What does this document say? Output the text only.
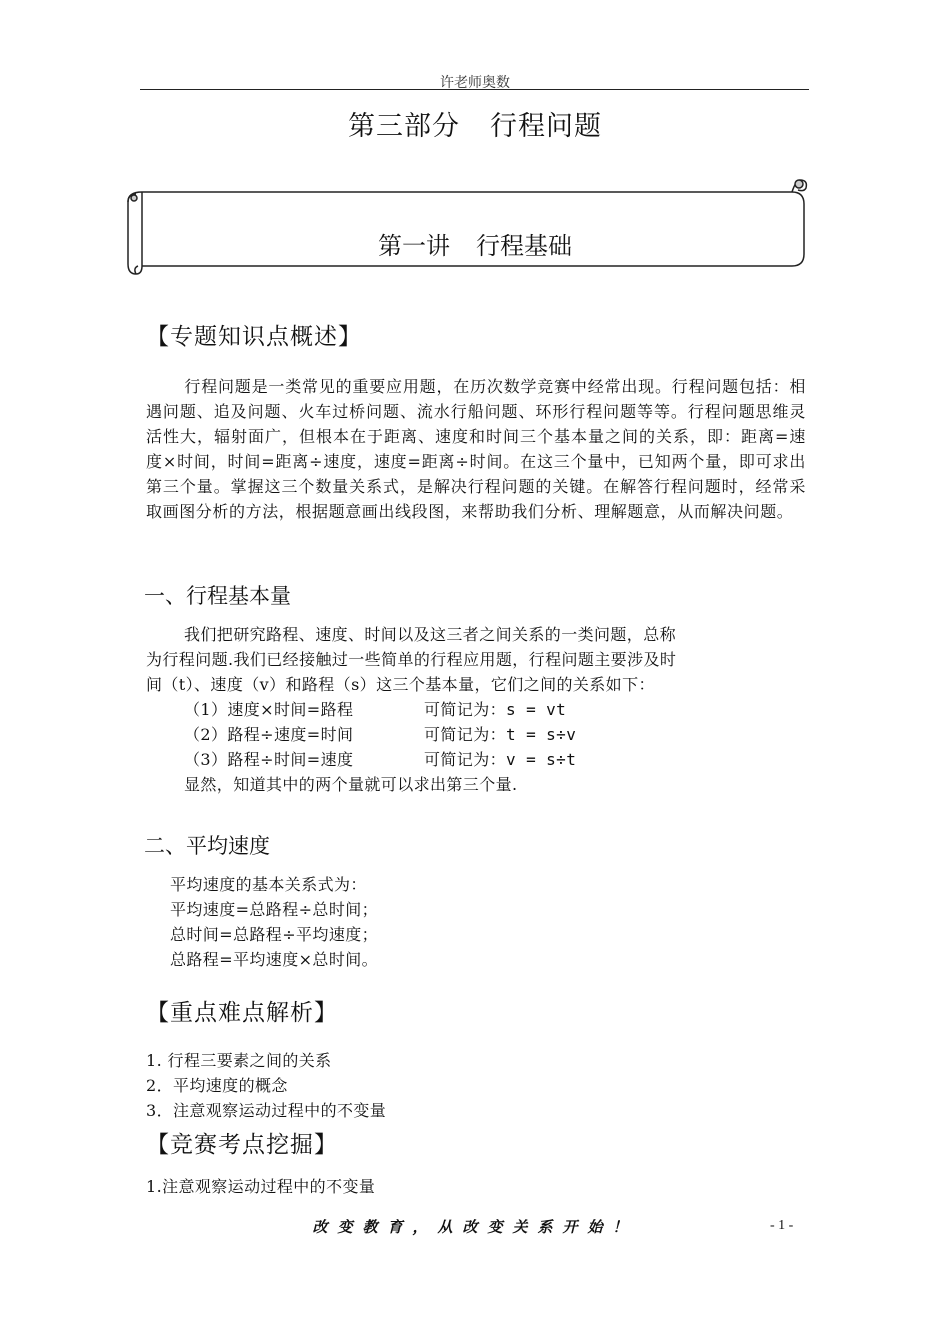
许老师奥数
第三部分 行程问题
第一讲 行程基础
【专题知识点概述】

行程问题是一类常见的重要应用题，在历次数学竞赛中经常出现。行程问题包括：相遇问题、追及问题、火车过桥问题、流水行船问题、环形行程问题等等。行程问题思维灵活性大，辐射面广，但根本在于距离、速度和时间三个基本量之间的关系，即：距离=速度×时间，时间=距离÷速度，速度=距离÷时间。在这三个量中，已知两个量，即可求出第三个量。掌握这三个数量关系式，是解决行程问题的关键。在解答行程问题时，经常采取画图分析的方法，根据题意画出线段图，来帮助我们分析、理解题意，从而解决问题。

一、行程基本量
我们把研究路程、速度、时间以及这三者之间关系的一类问题，总称
为行程问题.我们已经接触过一些简单的行程应用题，行程问题主要涉及时
间（t）、速度（v）和路程（s）这三个基本量，它们之间的关系如下：
（1）速度×时间=路程	可简记为：s = vt
（2）路程÷速度=时间	可简记为：t = s÷v
（3）路程÷时间=速度	可简记为：v = s÷t
显然，知道其中的两个量就可以求出第三个量.
二、平均速度
平均速度的基本关系式为：
平均速度=总路程÷总时间；
总时间=总路程÷平均速度；
总路程=平均速度×总时间。
【重点难点解析】
1. 行程三要素之间的关系
2．平均速度的概念
3．注意观察运动过程中的不变量
【竞赛考点挖掘】
1.注意观察运动过程中的不变量
改变教育，从改变关系开始！	- 1 -
